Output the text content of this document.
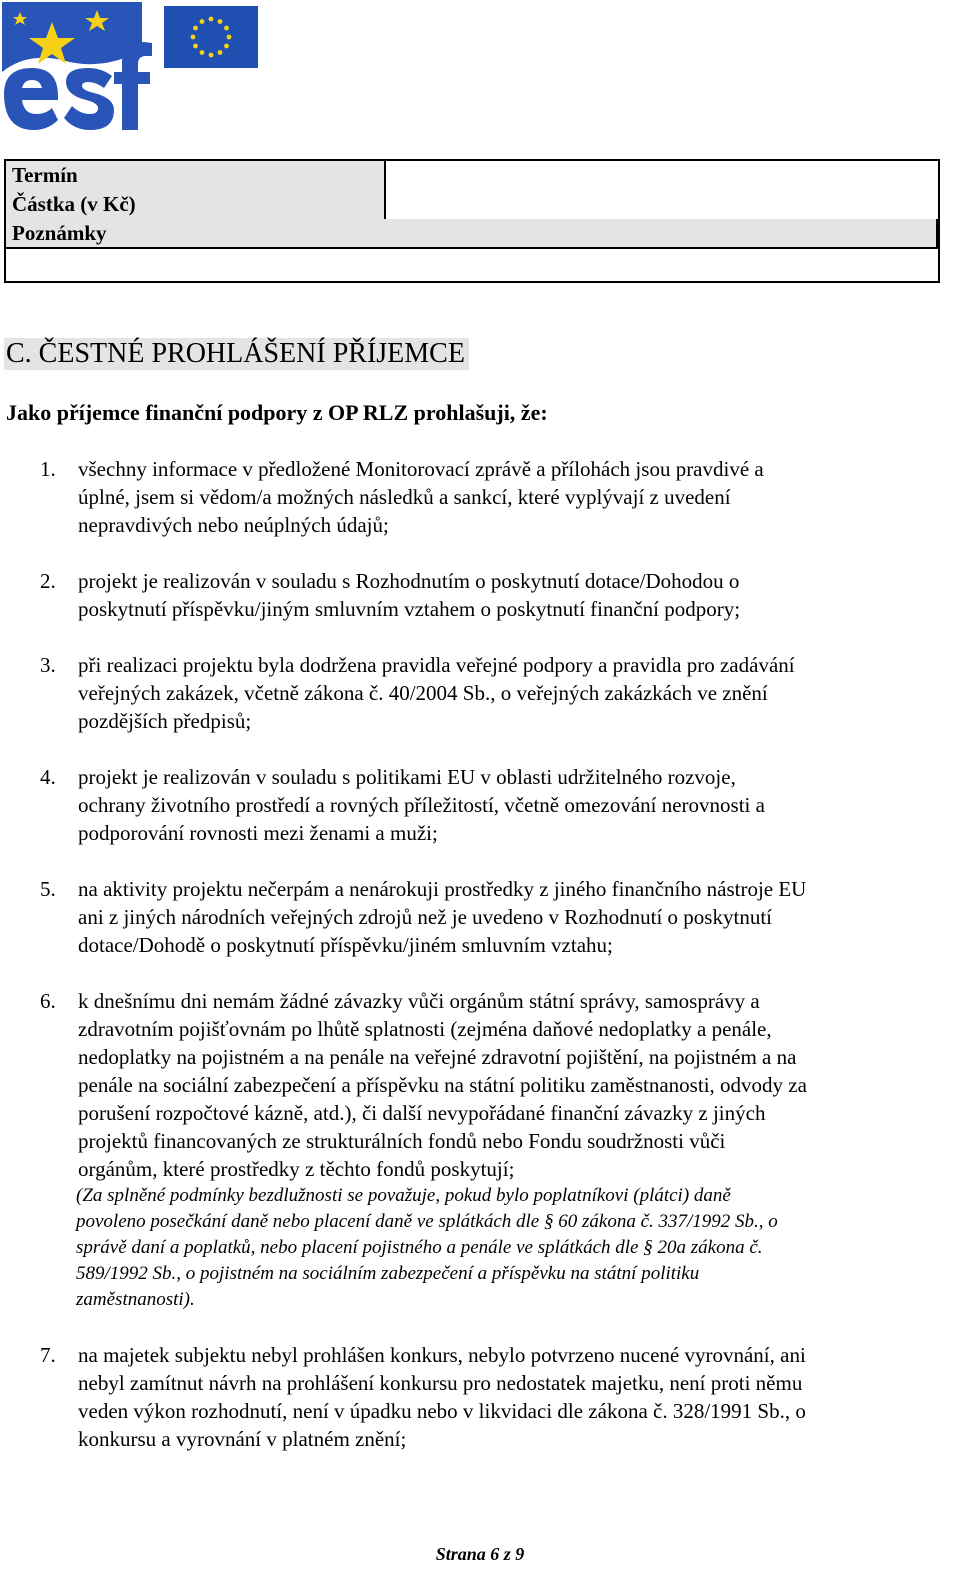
Termín
Částka (v Kč)
Poznámky
C. ČESTNÉ PROHLÁŠENÍ PŘÍJEMCE
Jako příjemce finanční podpory z OP RLZ prohlašuji, že:
1. všechny informace v předložené Monitorovací zprávě a přílohách jsou pravdivé a
úplné, jsem si vědom/a možných následků a sankcí, které vyplývají z uvedení
nepravdivých nebo neúplných údajů;
2. projekt je realizován v souladu s Rozhodnutím o poskytnutí dotace/Dohodou o
poskytnutí příspěvku/jiným smluvním vztahem o poskytnutí finanční podpory;
3. při realizaci projektu byla dodržena pravidla veřejné podpory a pravidla pro zadávání
veřejných zakázek, včetně zákona č. 40/2004 Sb., o veřejných zakázkách ve znění
pozdějších předpisů;
4. projekt je realizován v souladu s politikami EU v oblasti udržitelného rozvoje,
ochrany životního prostředí a rovných příležitostí, včetně omezování nerovnosti a
podporování rovnosti mezi ženami a muži;
5. na aktivity projektu nečerpám a nenárokuji prostředky z jiného finančního nástroje EU
ani z jiných národních veřejných zdrojů než je uvedeno v Rozhodnutí o poskytnutí
dotace/Dohodě o poskytnutí příspěvku/jiném smluvním vztahu;
6. k dnešnímu dni nemám žádné závazky vůči orgánům státní správy, samosprávy a
zdravotním pojišťovnám po lhůtě splatnosti (zejména daňové nedoplatky a penále,
nedoplatky na pojistném a na penále na veřejné zdravotní pojištění, na pojistném a na
penále na sociální zabezpečení a příspěvku na státní politiku zaměstnanosti, odvody za
porušení rozpočtové kázně, atd.), či další nevypořádané finanční závazky z jiných
projektů financovaných ze strukturálních fondů nebo Fondu soudržnosti vůči
orgánům, které prostředky z těchto fondů poskytují;
(Za splněné podmínky bezdlužnosti se považuje, pokud bylo poplatníkovi (plátci) daně
povoleno posečkání daně nebo placení daně ve splátkách dle § 60 zákona č. 337/1992 Sb., o
správě daní a poplatků, nebo placení pojistného a penále ve splátkách dle § 20a zákona č.
589/1992 Sb., o pojistném na sociálním zabezpečení a příspěvku na státní politiku
zaměstnanosti).
7. na majetek subjektu nebyl prohlášen konkurs, nebylo potvrzeno nucené vyrovnání, ani
nebyl zamítnut návrh na prohlášení konkursu pro nedostatek majetku, není proti němu
veden výkon rozhodnutí, není v úpadku nebo v likvidaci dle zákona č. 328/1991 Sb., o
konkursu a vyrovnání v platném znění;
Strana 6 z 9
